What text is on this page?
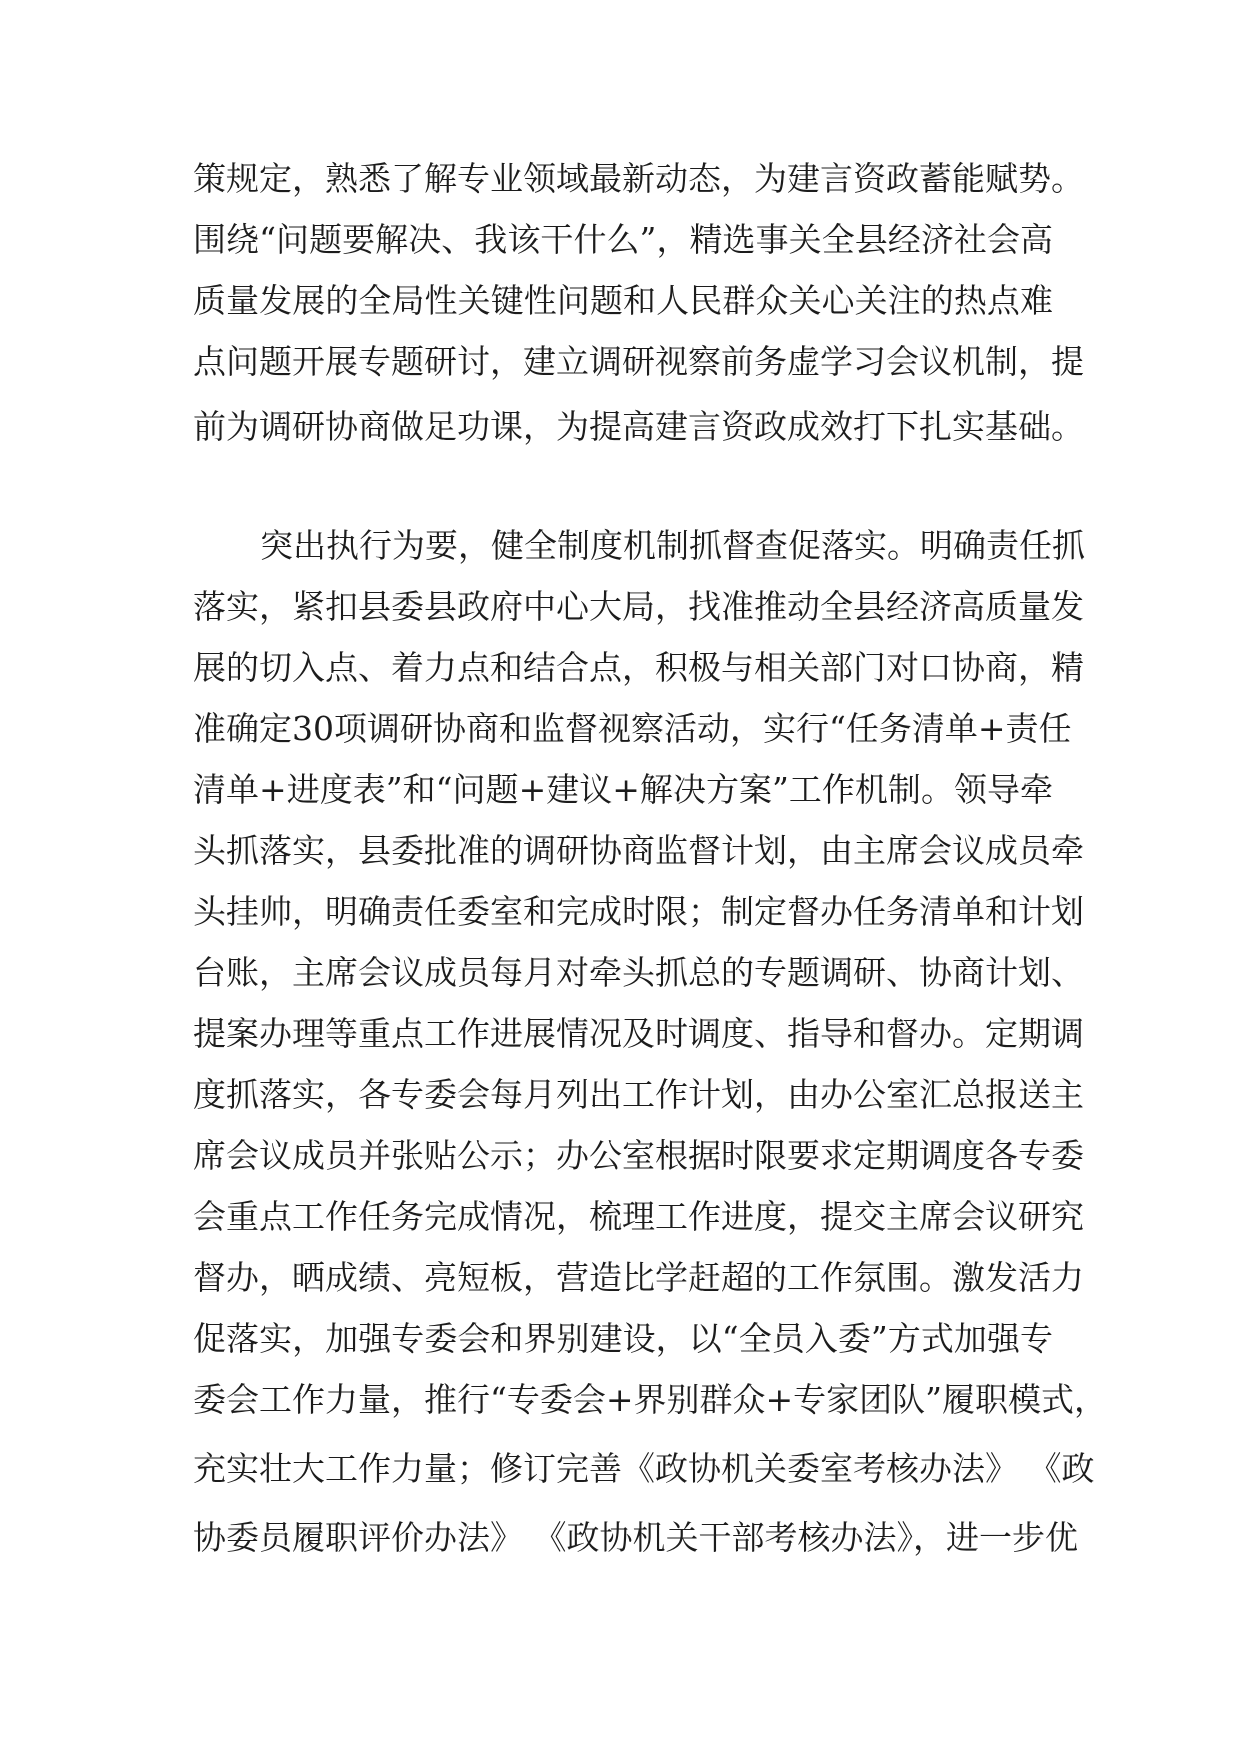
策规定，熟悉了解专业领域最新动态，为建言资政蓄能赋势。
围绕“问题要解决、我该干什么”，精选事关全县经济社会高
质量发展的全局性关键性问题和人民群众关心关注的热点难
点问题开展专题研讨，建立调研视察前务虚学习会议机制，提
前为调研协商做足功课，为提高建言资政成效打下扎实基础。
突出执行为要，健全制度机制抓督查促落实。明确责任抓
落实，紧扣县委县政府中心大局，找准推动全县经济高质量发
展的切入点、着力点和结合点，积极与相关部门对口协商，精
准确定30项调研协商和监督视察活动，实行“任务清单+责任
清单+进度表”和“问题+建议+解决方案”工作机制。领导牵
头抓落实，县委批准的调研协商监督计划，由主席会议成员牵
头挂帅，明确责任委室和完成时限；制定督办任务清单和计划
台账，主席会议成员每月对牵头抓总的专题调研、协商计划、
提案办理等重点工作进展情况及时调度、指导和督办。定期调
度抓落实，各专委会每月列出工作计划，由办公室汇总报送主
席会议成员并张贴公示；办公室根据时限要求定期调度各专委
会重点工作任务完成情况，梳理工作进度，提交主席会议研究
督办，晒成绩、亮短板，营造比学赶超的工作氛围。激发活力
促落实，加强专委会和界别建设，以“全员入委”方式加强专
委会工作力量，推行“专委会+界别群众+专家团队”履职模式，
充实壮大工作力量；修订完善《政协机关委室考核办法》 《政
协委员履职评价办法》 《政协机关干部考核办法》，进一步优
